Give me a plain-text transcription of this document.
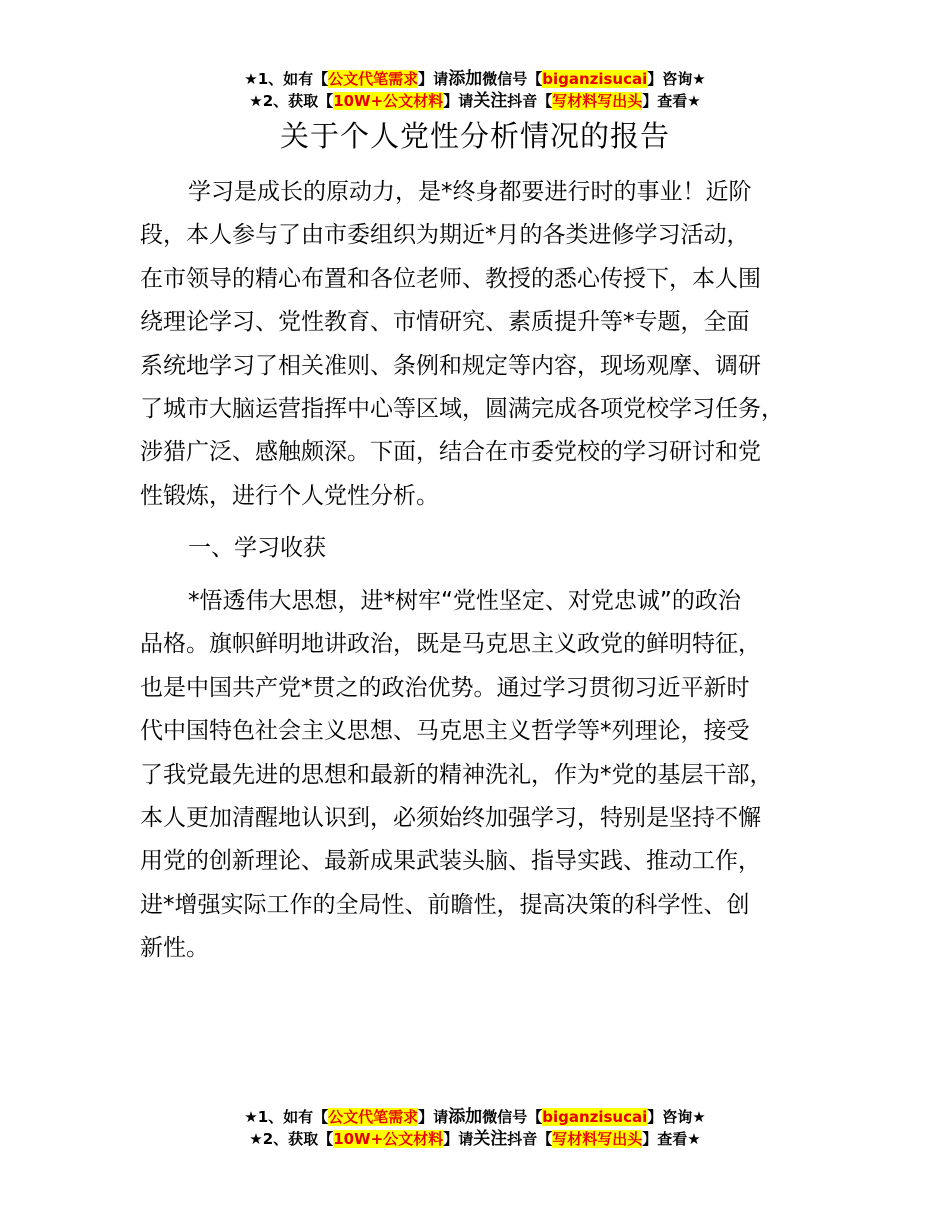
★1、如有【公文代笔需求】请添加微信号【biganzisucai】咨询★
★2、获取【10W+公文材料】请关注抖音【写材料写出头】查看★
关于个人党性分析情况的报告
学习是成长的原动力，是*终身都要进行时的事业！近阶
段，本人参与了由市委组织为期近*月的各类进修学习活动，
在市领导的精心布置和各位老师、教授的悉心传授下，本人围
绕理论学习、党性教育、市情研究、素质提升等*专题，全面
系统地学习了相关准则、条例和规定等内容，现场观摩、调研
了城市大脑运营指挥中心等区域，圆满完成各项党校学习任务，
涉猎广泛、感触颇深。下面，结合在市委党校的学习研讨和党
性锻炼，进行个人党性分析。
一、学习收获
*悟透伟大思想，进*树牢“党性坚定、对党忠诚”的政治
品格。旗帜鲜明地讲政治，既是马克思主义政党的鲜明特征，
也是中国共产党*贯之的政治优势。通过学习贯彻习近平新时
代中国特色社会主义思想、马克思主义哲学等*列理论，接受
了我党最先进的思想和最新的精神洗礼，作为*党的基层干部，
本人更加清醒地认识到，必须始终加强学习，特别是坚持不懈
用党的创新理论、最新成果武装头脑、指导实践、推动工作，
进*增强实际工作的全局性、前瞻性，提高决策的科学性、创
新性。
★1、如有【公文代笔需求】请添加微信号【biganzisucai】咨询★
★2、获取【10W+公文材料】请关注抖音【写材料写出头】查看★
